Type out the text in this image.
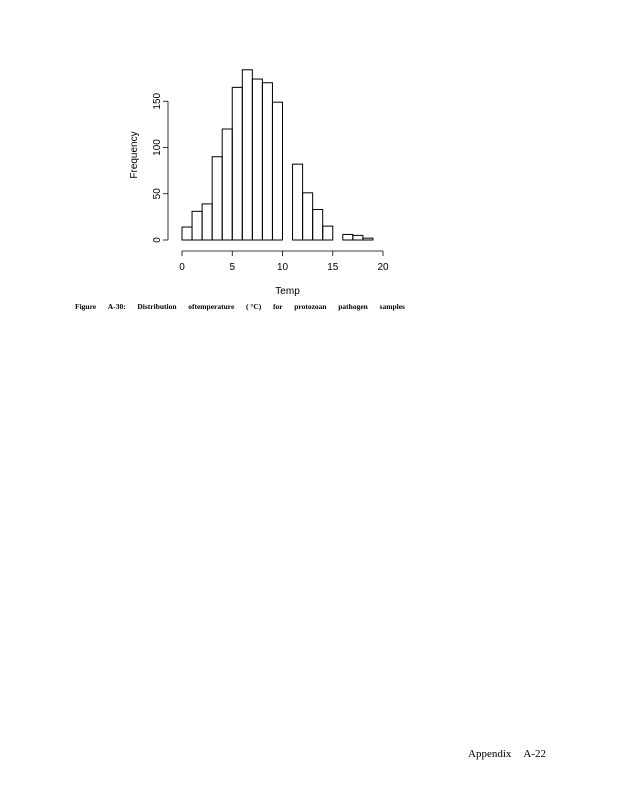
0	5	10	15	20
0
50
100
150
Temp
Frequency
Figure A-30: Distribution oftemperature ( °C) for protozoan pathogen samples
Appendix A-22
